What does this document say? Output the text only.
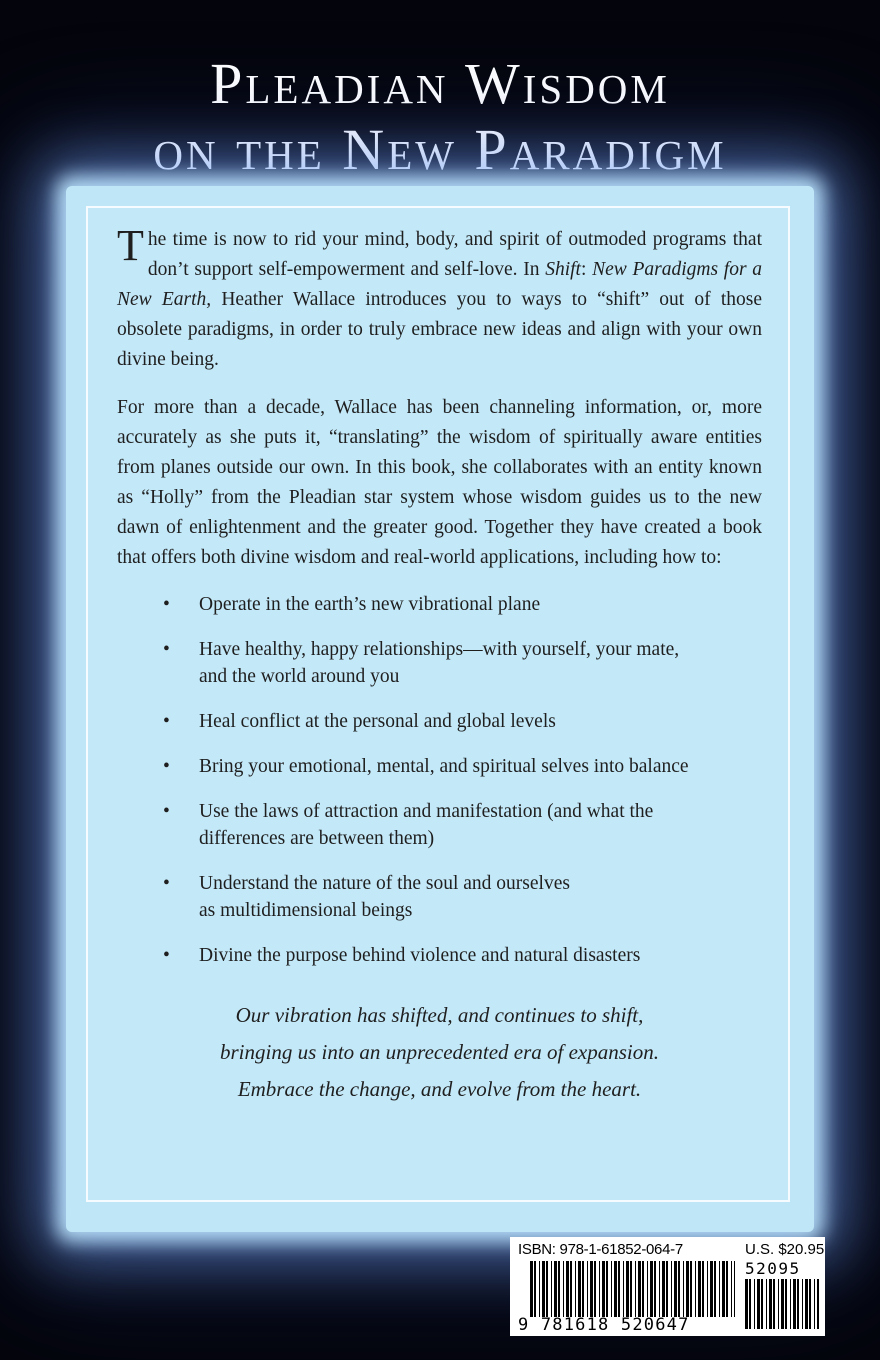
Pleadian Wisdom
on the New Paradigm

The time is now to rid your mind, body, and spirit of outmoded programs that don’t support self-empowerment and self-love. In Shift: New Paradigms for a New Earth, Heather Wallace introduces you to ways to “shift” out of those obsolete paradigms, in order to truly embrace new ideas and align with your own divine being.

For more than a decade, Wallace has been channeling information, or, more accurately as she puts it, “translating” the wisdom of spiritually aware entities from planes outside our own. In this book, she collaborates with an entity known as “Holly” from the Pleadian star system whose wisdom guides us to the new dawn of enlightenment and the greater good. Together they have created a book that offers both divine wisdom and real-world applications, including how to:

• Operate in the earth’s new vibrational plane
• Have healthy, happy relationships—with yourself, your mate,
and the world around you
• Heal conflict at the personal and global levels
• Bring your emotional, mental, and spiritual selves into balance
• Use the laws of attraction and manifestation (and what the
differences are between them)
• Understand the nature of the soul and ourselves
as multidimensional beings
• Divine the purpose behind violence and natural disasters
Our vibration has shifted, and continues to shift,
bringing us into an unprecedented era of expansion.
Embrace the change, and evolve from the heart.
ISBN: 978-1-61852-064-7	U.S. $20.95
52095
9 781618 520647
